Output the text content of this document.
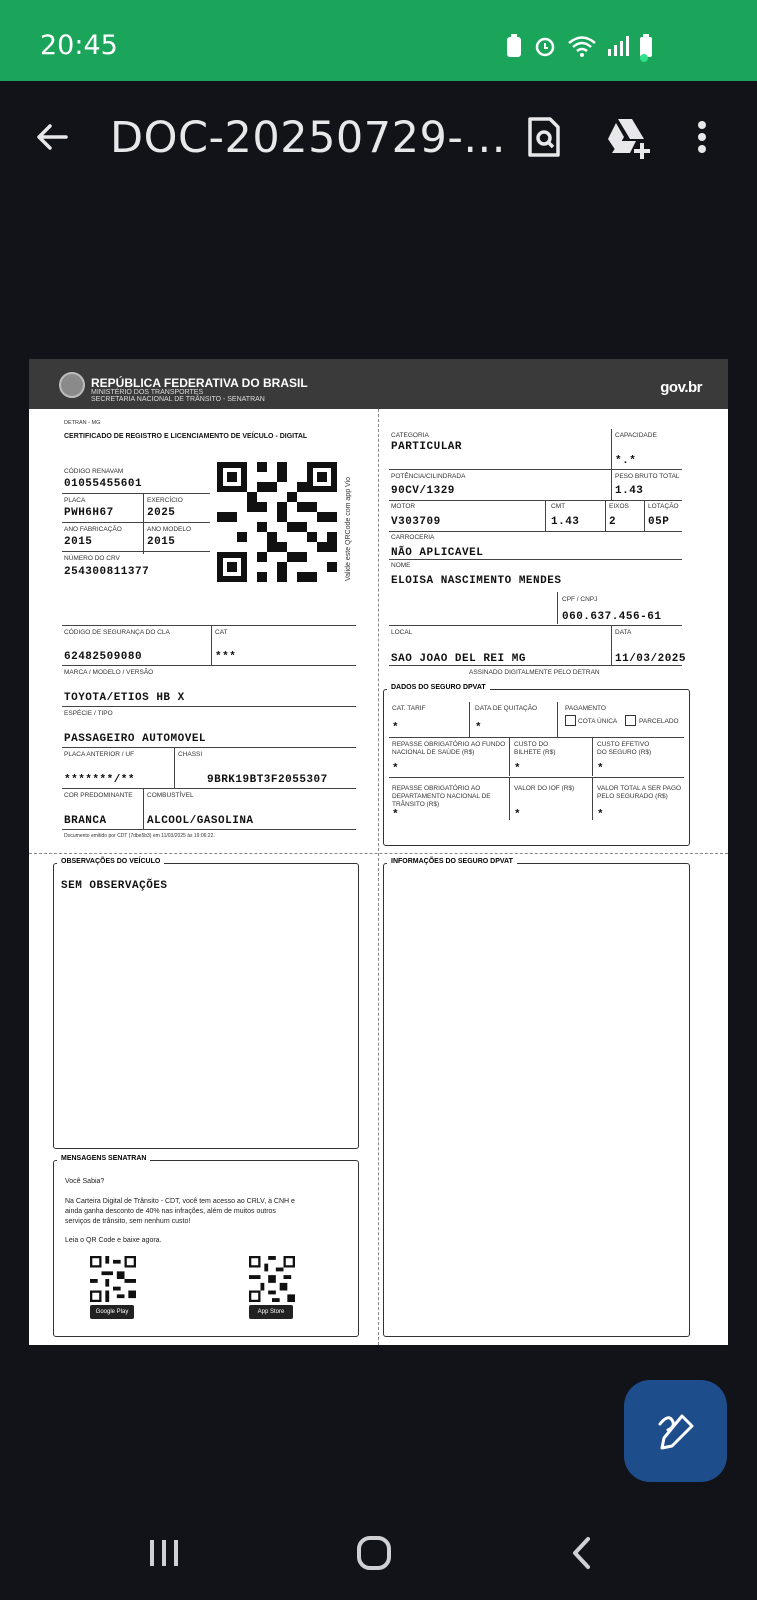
20:45
DOC-20250729-...
REPÚBLICA FEDERATIVA DO BRASIL
MINISTÉRIO DOS TRANSPORTES
SECRETARIA NACIONAL DE TRÂNSITO - SENATRAN
gov.br
DETRAN - MG
CERTIFICADO DE REGISTRO E LICENCIAMENTO DE VEÍCULO - DIGITAL
CÓDIGO RENAVAM
01055455601
PLACA
PWH6H67
EXERCÍCIO
2025
ANO FABRICAÇÃO
2015
ANO MODELO
2015
NÚMERO DO CRV
254300811377	Valide este QRCode com app Vio
CÓDIGO DE SEGURANÇA DO CLA
62482509080
CAT
***
MARCA / MODELO / VERSÃO
TOYOTA/ETIOS HB X
ESPÉCIE / TIPO
PASSAGEIRO AUTOMOVEL
PLACA ANTERIOR / UF
*******/**
CHASSI
9BRK19BT3F2055307
COR PREDOMINANTE
BRANCA
COMBUSTÍVEL
ALCOOL/GASOLINA
Documento emitido por CDT (7dbe5b3) em 11/03/2025 às 19:06:22.
CATEGORIA
PARTICULAR
CAPACIDADE
*.*
POTÊNCIA/CILINDRADA
90CV/1329
PESO BRUTO TOTAL
1.43
MOTOR
V303709
CMT
1.43
EIXOS
2
LOTAÇÃO
05P
CARROCERIA
NÃO APLICAVEL
NOME
ELOISA NASCIMENTO MENDES
CPF / CNPJ
060.637.456-61
LOCAL
SAO JOAO DEL REI MG
DATA
11/03/2025
ASSINADO DIGITALMENTE PELO DETRAN
DADOS DO SEGURO DPVAT
CAT. TARIF
*
DATA DE QUITAÇÃO
*
PAGAMENTO
COTA ÚNICA	PARCELADO
REPASSE OBRIGATÓRIO AO FUNDO NACIONAL DE SAÚDE (R$)
*
CUSTO DO BILHETE (R$)
*
CUSTO EFETIVO DO SEGURO (R$)
*
REPASSE OBRIGATÓRIO AO DEPARTAMENTO NACIONAL DE TRÂNSITO (R$)
*
VALOR DO IOF (R$)
*
VALOR TOTAL A SER PAGO PELO SEGURADO (R$)
*
OBSERVAÇÕES DO VEÍCULO
SEM OBSERVAÇÕES
MENSAGENS SENATRAN
Você Sabia?
Na Carteira Digital de Trânsito - CDT, você tem acesso ao CRLV, à CNH e
ainda ganha desconto de 40% nas infrações, além de muitos outros
serviços de trânsito, sem nenhum custo!
Leia o QR Code e baixe agora.
Google Play	App Store
INFORMAÇÕES DO SEGURO DPVAT
